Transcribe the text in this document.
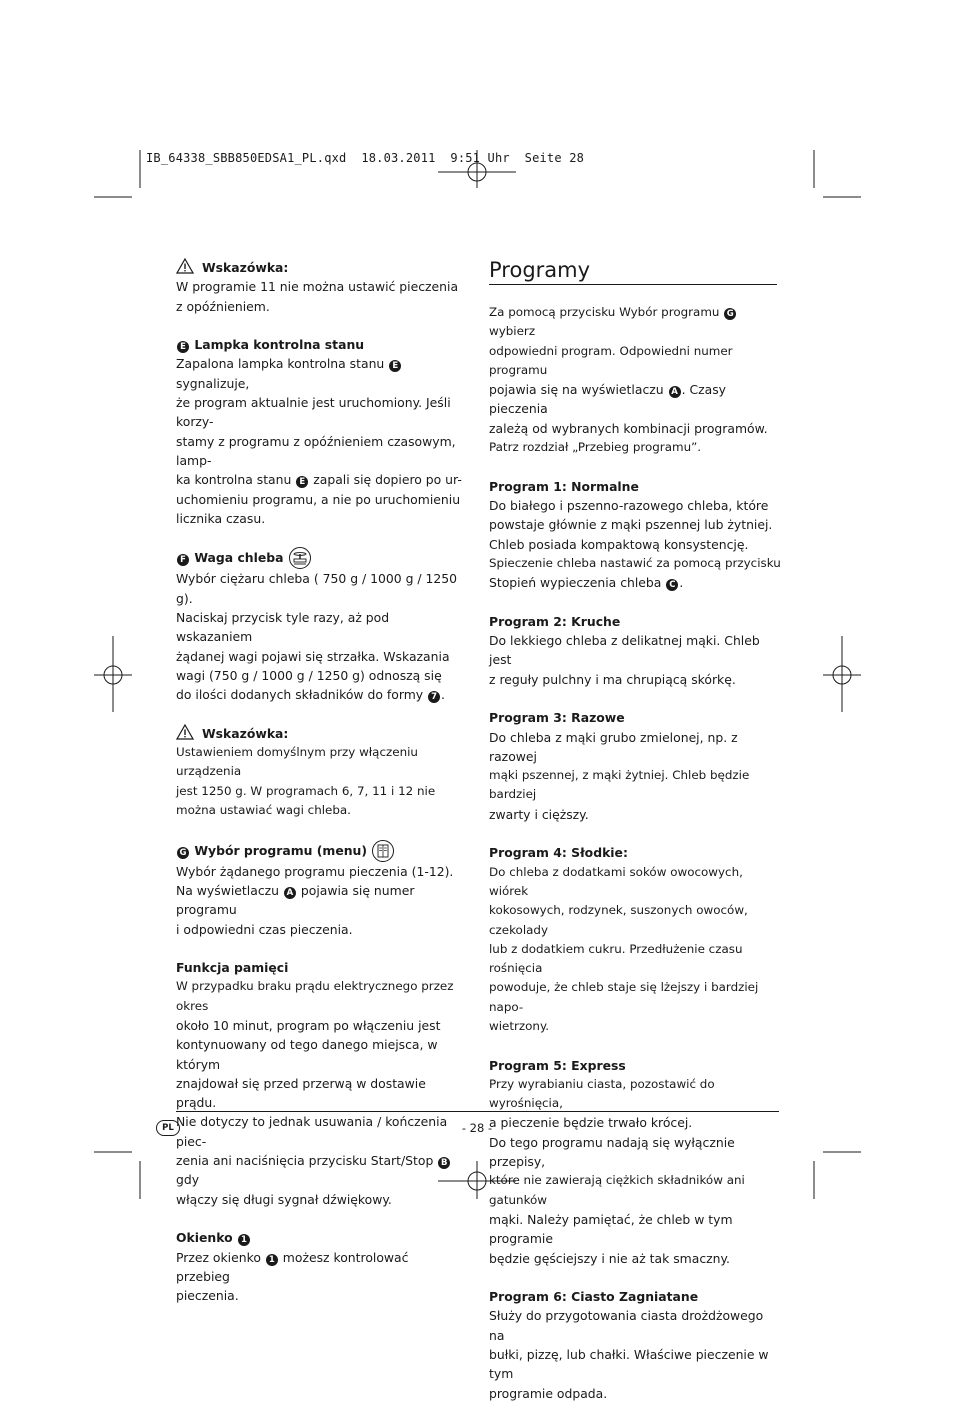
IB_64338_SBB850EDSA1_PL.qxd  18.03.2011  9:51 Uhr  Seite 28

Wskazówka:

W programie 11 nie można ustawić pieczenia

z opóźnieniem.

E Lampka kontrolna stanu

Zapalona lampka kontrolna stanu E sygnalizuje,

że program aktualnie jest uruchomiony. Jeśli korzy-

stamy z programu z opóźnieniem czasowym, lamp-

ka kontrolna stanu E zapali się dopiero po ur-

uchomieniu programu, a nie po uruchomieniu

licznika czasu.

F Waga chleba

Wybór ciężaru chleba ( 750 g / 1000 g / 1250 g).

Naciskaj przycisk tyle razy, aż pod wskazaniem

żądanej wagi pojawi się strzałka. Wskazania

wagi (750 g / 1000 g / 1250 g) odnoszą się

do ilości dodanych składników do formy 7 .

Wskazówka:

Ustawieniem domyślnym przy włączeniu urządzenia

jest 1250 g. W programach 6, 7, 11 i 12 nie

można ustawiać wagi chleba.

G Wybór programu (menu)

Wybór żądanego programu pieczenia (1-12).

Na wyświetlaczu A pojawia się numer programu

i odpowiedni czas pieczenia.

Funkcja pamięci

W przypadku braku prądu elektrycznego przez okres

około 10 minut, program po włączeniu jest

kontynuowany od tego danego miejsca, w którym

znajdował się przed przerwą w dostawie prądu.

Nie dotyczy to jednak usuwania / kończenia piec-

zenia ani naciśnięcia przycisku Start/Stop B gdy

włączy się długi sygnał dźwiękowy.

Okienko 1

Przez okienko 1 możesz kontrolować przebieg

pieczenia.

Programy

Za pomocą przycisku Wybór programu G wybierz

odpowiedni program. Odpowiedni numer programu

pojawia się na wyświetlaczu A . Czasy pieczenia

zależą od wybranych kombinacji programów.

Patrz rozdział „Przebieg programu”.

Program 1: Normalne

Do białego i pszenno-razowego chleba, które

powstaje głównie z mąki pszennej lub żytniej.

Chleb posiada kompaktową konsystencję.

Spieczenie chleba nastawić za pomocą przycisku

Stopień wypieczenia chleba C .

Program 2: Kruche

Do lekkiego chleba z delikatnej mąki. Chleb jest

z reguły pulchny i ma chrupiącą skórkę.

Program 3: Razowe

Do chleba z mąki grubo zmielonej, np. z razowej

mąki pszennej, z mąki żytniej. Chleb będzie bardziej

zwarty i cięższy.

Program 4: Słodkie:

Do chleba z dodatkami soków owocowych, wiórek

kokosowych, rodzynek, suszonych owoców, czekolady

lub z dodatkiem cukru. Przedłużenie czasu rośnięcia

powoduje, że chleb staje się lżejszy i bardziej napo-

wietrzony.

Program 5: Express

Przy wyrabianiu ciasta, pozostawić do wyrośnięcia,

a pieczenie będzie trwało krócej.

Do tego programu nadają się wyłącznie przepisy,

które nie zawierają ciężkich składników ani gatunków

mąki. Należy pamiętać, że chleb w tym programie

będzie gęściejszy i nie aż tak smaczny.

Program 6: Ciasto Zagniatane

Służy do przygotowania ciasta drożdżowego na

bułki, pizzę, lub chałki. Właściwe pieczenie w tym

programie odpada.

PL	- 28 -
